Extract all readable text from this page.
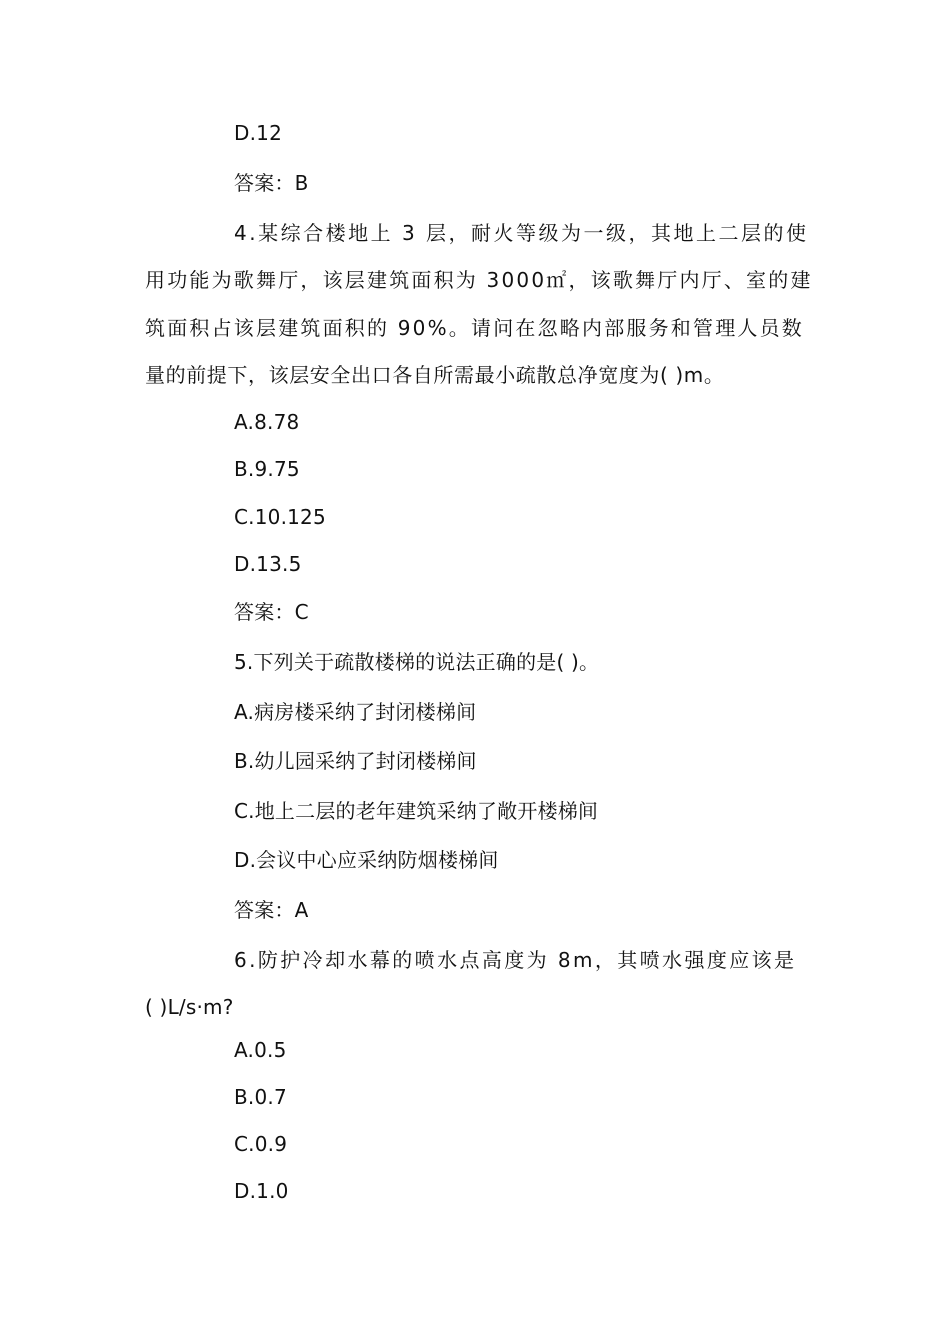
D.12
答案：B
4.某综合楼地上 3 层，耐火等级为一级，其地上二层的使
用功能为歌舞厅，该层建筑面积为 3000㎡，该歌舞厅内厅、室的建
筑面积占该层建筑面积的 90%。请问在忽略内部服务和管理人员数
量的前提下，该层安全出口各自所需最小疏散总净宽度为( )m。
A.8.78
B.9.75
C.10.125
D.13.5
答案：C
5.下列关于疏散楼梯的说法正确的是( )。
A.病房楼采纳了封闭楼梯间
B.幼儿园采纳了封闭楼梯间
C.地上二层的老年建筑采纳了敞开楼梯间
D.会议中心应采纳防烟楼梯间
答案：A
6.防护冷却水幕的喷水点高度为 8m，其喷水强度应该是
( )L/s·m?
A.0.5
B.0.7
C.0.9
D.1.0
